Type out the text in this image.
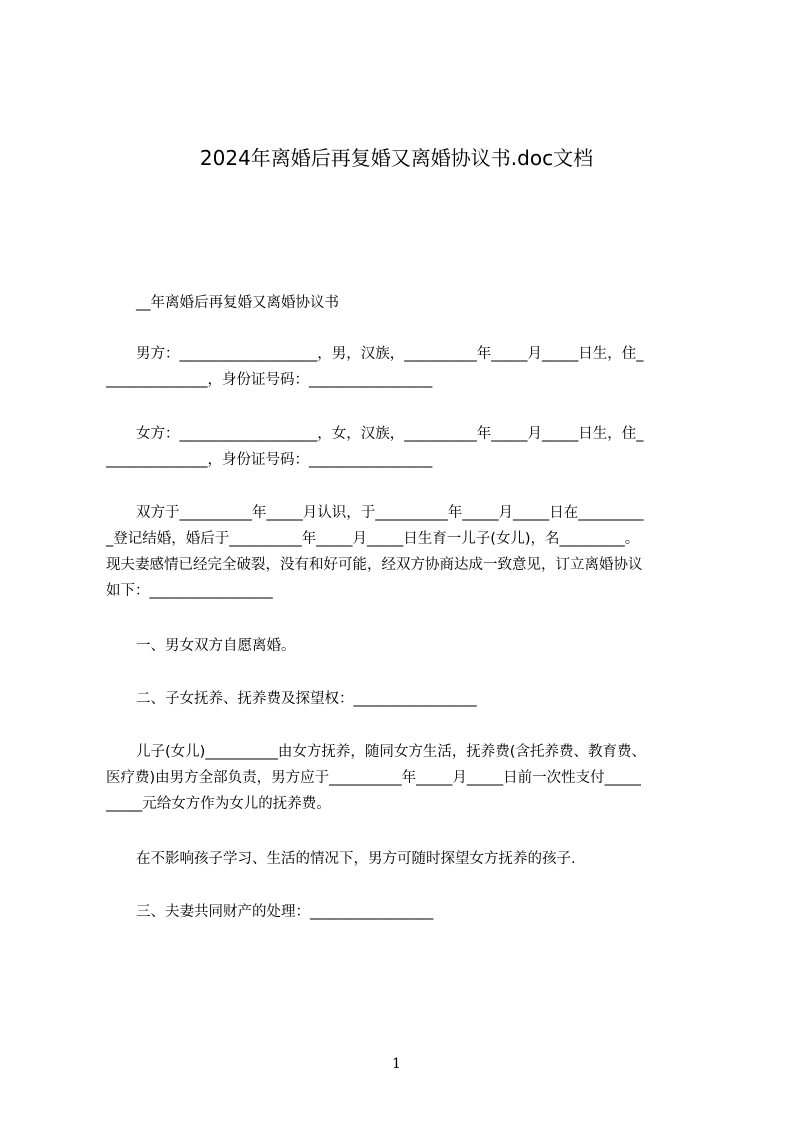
2024年离婚后再复婚又离婚协议书.doc文档
__年离婚后再复婚又离婚协议书
男方：___________________，男，汉族，__________年_____月_____日生，住_
______________，身份证号码：_________________
女方：___________________，女，汉族，__________年_____月_____日生，住_
______________，身份证号码：_________________
双方于__________年_____月认识，于__________年_____月_____日在_________
_登记结婚，婚后于__________年_____月_____日生育一儿子(女儿)，名_________。
现夫妻感情已经完全破裂，没有和好可能，经双方协商达成一致意见，订立离婚协议
如下：_________________
一、男女双方自愿离婚。
二、子女抚养、抚养费及探望权：_________________
儿子(女儿)__________由女方抚养，随同女方生活，抚养费(含托养费、教育费、
医疗费)由男方全部负责，男方应于__________年_____月_____日前一次性支付_____
_____元给女方作为女儿的抚养费。
在不影响孩子学习、生活的情况下，男方可随时探望女方抚养的孩子.
三、夫妻共同财产的处理：_________________
1
